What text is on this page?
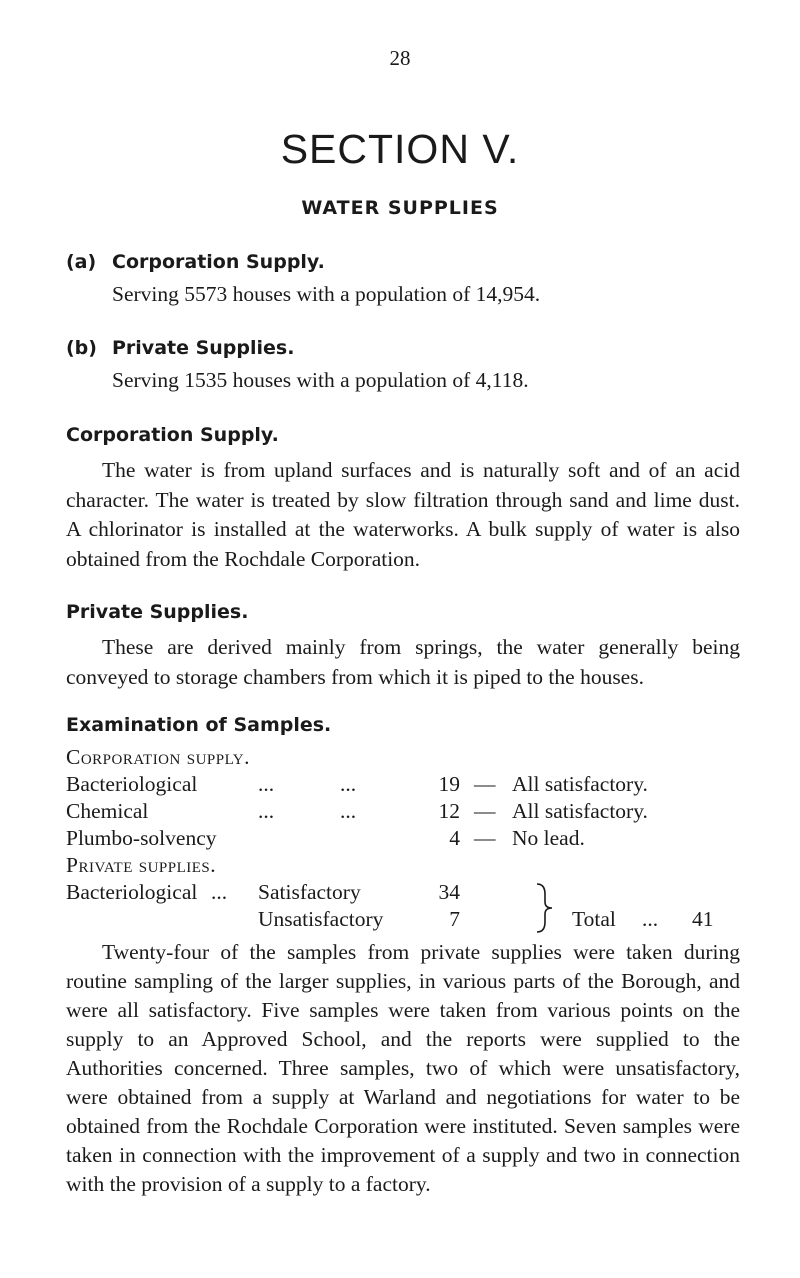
28
SECTION V.
WATER SUPPLIES
(a) Corporation Supply.
Serving 5573 houses with a population of 14,954.
(b) Private Supplies.
Serving 1535 houses with a population of 4,118.
Corporation Supply.
The water is from upland surfaces and is naturally soft and of an acid character. The water is treated by slow filtration through sand and lime dust. A chlorinator is installed at the waterworks. A bulk supply of water is also obtained from the Rochdale Corporation.
Private Supplies.
These are derived mainly from springs, the water generally being conveyed to storage chambers from which it is piped to the houses.
Examination of Samples.
Corporation supply.
Bacteriological	...	...	19 — All satisfactory.
Chemical	...	...	12 — All satisfactory.
Plumbo-solvency	4 — No lead.
Private supplies.
Bacteriological ... Satisfactory	34
Unsatisfactory	7	Total ... 41
Twenty-four of the samples from private supplies were taken during routine sampling of the larger supplies, in various parts of the Borough, and were all satisfactory. Five samples were taken from various points on the supply to an Approved School, and the reports were supplied to the Authorities concerned. Three samples, two of which were unsatisfactory, were obtained from a supply at Warland and negotiations for water to be obtained from the Rochdale Corporation were instituted. Seven samples were taken in connection with the improvement of a supply and two in connection with the provision of a supply to a factory.
